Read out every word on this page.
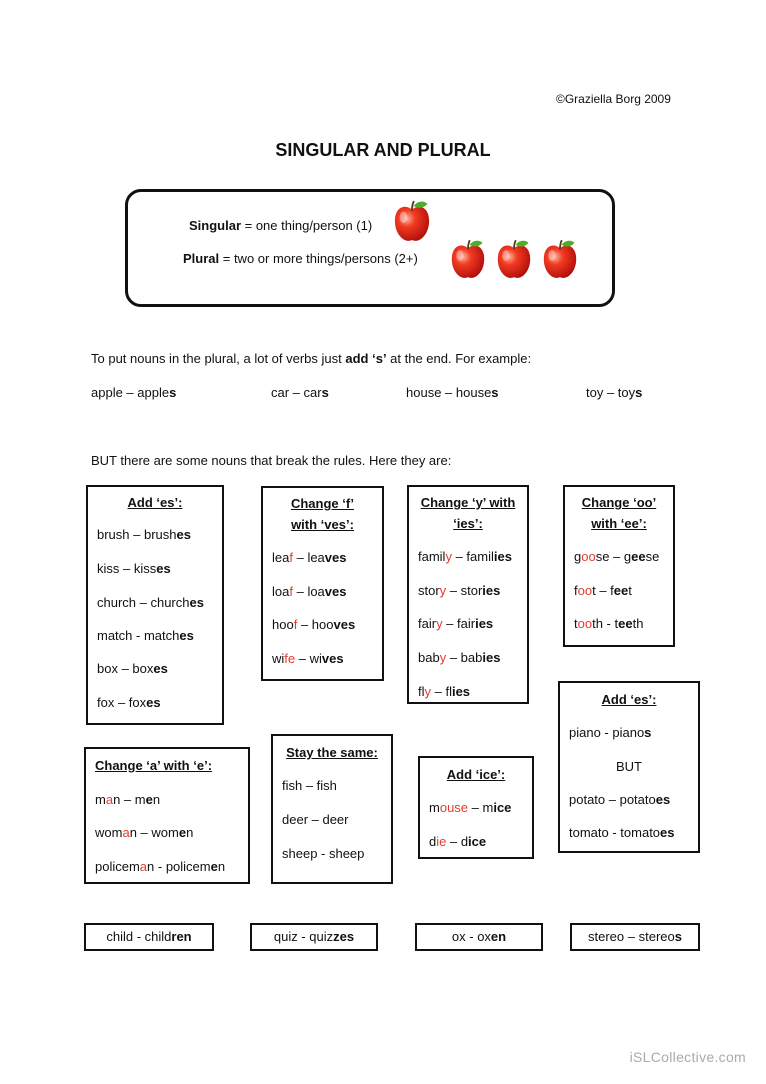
©Graziella Borg 2009
SINGULAR AND PLURAL
Singular = one thing/person (1)
Plural = two or more things/persons (2+)
To put nouns in the plural, a lot of verbs just add ‘s’ at the end. For example:
apple – apples	car – cars	house – houses	toy – toys
BUT there are some nouns that break the rules. Here they are:
Add ‘es’:
brush – brushes
kiss – kisses
church – churches
match - matches
box – boxes
fox – foxes
Change ‘f’
with ‘ves’:
leaf – leaves
loaf – loaves
hoof – hooves
wife – wives
Change ‘y’ with
‘ies’:
family – families
story – stories
fairy – fairies
baby – babies
fly – flies
Change ‘oo’
with ‘ee’:
goose – geese
foot – feet
tooth - teeth
Add ‘es’:
piano - pianos
BUT
potato – potatoes
tomato - tomatoes
Change ‘a’ with ‘e’:
man – men
woman – women
policeman - policemen
Stay the same:
fish – fish
deer – deer
sheep - sheep
Add ‘ice’:
mouse – mice
die – dice
child - children	quiz - quizzes	ox - oxen	stereo – stereos
iSLCollective.com
